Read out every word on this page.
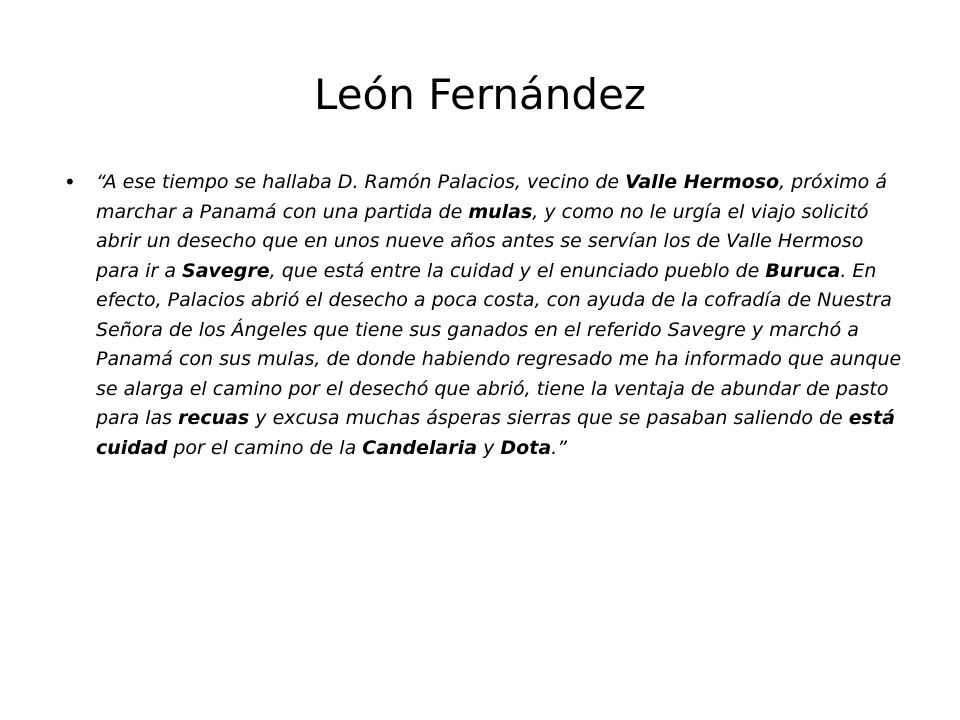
León Fernández
•	“A ese tiempo se hallaba D. Ramón Palacios, vecino de Valle Hermoso, próximo á marchar a Panamá con una partida de mulas, y como no le urgía el viajo solicitó abrir un desecho que en unos nueve años antes se servían los de Valle Hermoso para ir a Savegre, que está entre la cuidad y el enunciado pueblo de Buruca. En efecto, Palacios abrió el desecho a poca costa, con ayuda de la cofradía de Nuestra Señora de los Ángeles que tiene sus ganados en el referido Savegre y marchó a Panamá con sus mulas, de donde habiendo regresado me ha informado que aunque se alarga el camino por el desechó que abrió, tiene la ventaja de abundar de pasto para las recuas y excusa muchas ásperas sierras que se pasaban saliendo de está cuidad por el camino de la Candelaria y Dota.”
